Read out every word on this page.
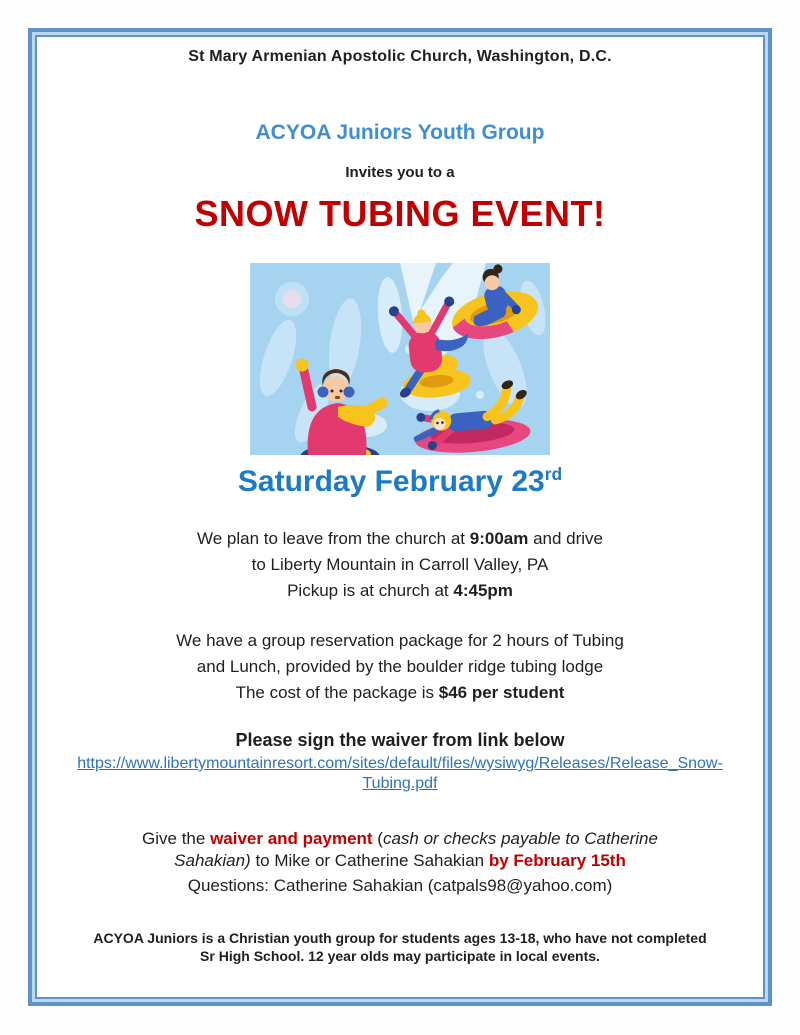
St Mary Armenian Apostolic Church, Washington, D.C.
ACYOA Juniors Youth Group
Invites you to a
SNOW TUBING EVENT!
Saturday February 23rd
We plan to leave from the church at 9:00am and drive
to Liberty Mountain in Carroll Valley, PA
Pickup is at church at 4:45pm
We have a group reservation package for 2 hours of Tubing
and Lunch, provided by the boulder ridge tubing lodge
The cost of the package is $46 per student
Please sign the waiver from link below
https://www.libertymountainresort.com/sites/default/files/wysiwyg/Releases/Release_Snow-Tubing.pdf
Give the waiver and payment (cash or checks payable to Catherine
Sahakian) to Mike or Catherine Sahakian by February 15th
Questions: Catherine Sahakian (catpals98@yahoo.com)
ACYOA Juniors is a Christian youth group for students ages 13-18, who have not completed
Sr High School. 12 year olds may participate in local events.
